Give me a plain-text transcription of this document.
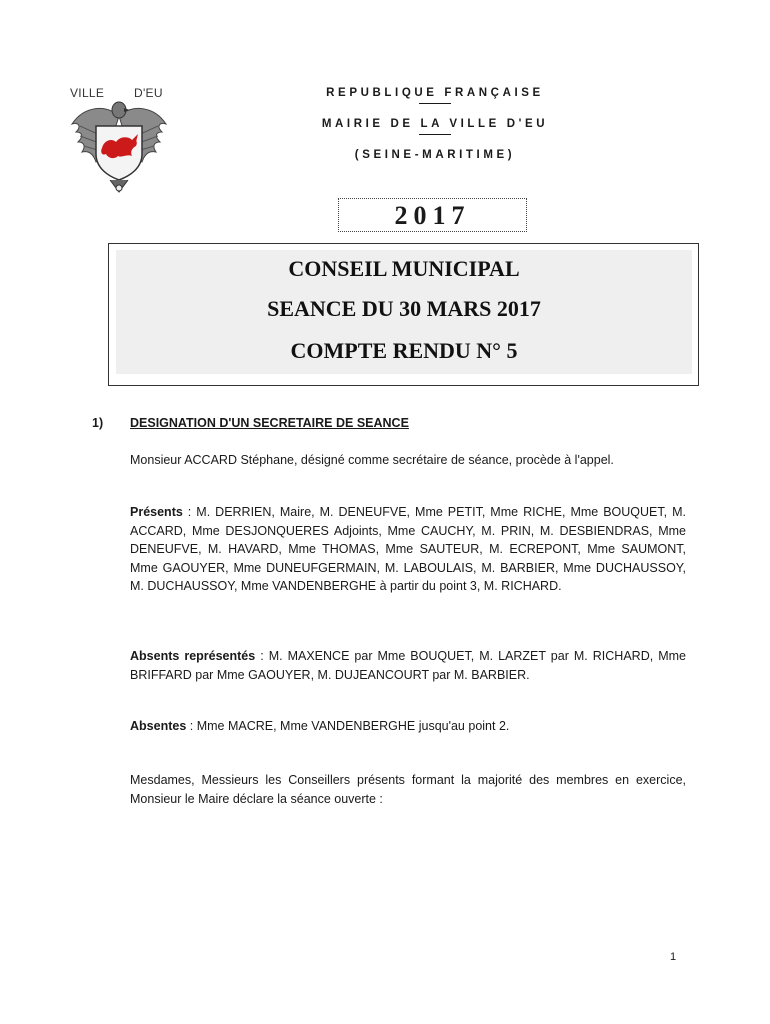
VILLE D'EU	REPUBLIQUE FRANÇAISE
MAIRIE DE LA VILLE D'EU
(SEINE-MARITIME)
2017
CONSEIL MUNICIPAL
SEANCE DU 30 MARS 2017
COMPTE RENDU N° 5
1) DESIGNATION D'UN SECRETAIRE DE SEANCE
Monsieur ACCARD Stéphane, désigné comme secrétaire de séance, procède à l'appel.
Présents : M. DERRIEN, Maire, M. DENEUFVE, Mme PETIT, Mme RICHE, Mme BOUQUET, M. ACCARD, Mme DESJONQUERES Adjoints, Mme CAUCHY, M. PRIN, M. DESBIENDRAS, Mme DENEUFVE, M. HAVARD, Mme THOMAS, Mme SAUTEUR, M. ECREPONT, Mme SAUMONT, Mme GAOUYER, Mme DUNEUFGERMAIN, M. LABOULAIS, M. BARBIER, Mme DUCHAUSSOY, M. DUCHAUSSOY, Mme VANDENBERGHE à partir du point 3, M. RICHARD.
Absents représentés : M. MAXENCE par Mme BOUQUET, M. LARZET par M. RICHARD, Mme BRIFFARD par Mme GAOUYER, M. DUJEANCOURT par M. BARBIER.
Absentes : Mme MACRE, Mme VANDENBERGHE jusqu'au point 2.
Mesdames, Messieurs les Conseillers présents formant la majorité des membres en exercice, Monsieur le Maire déclare la séance ouverte :
1
